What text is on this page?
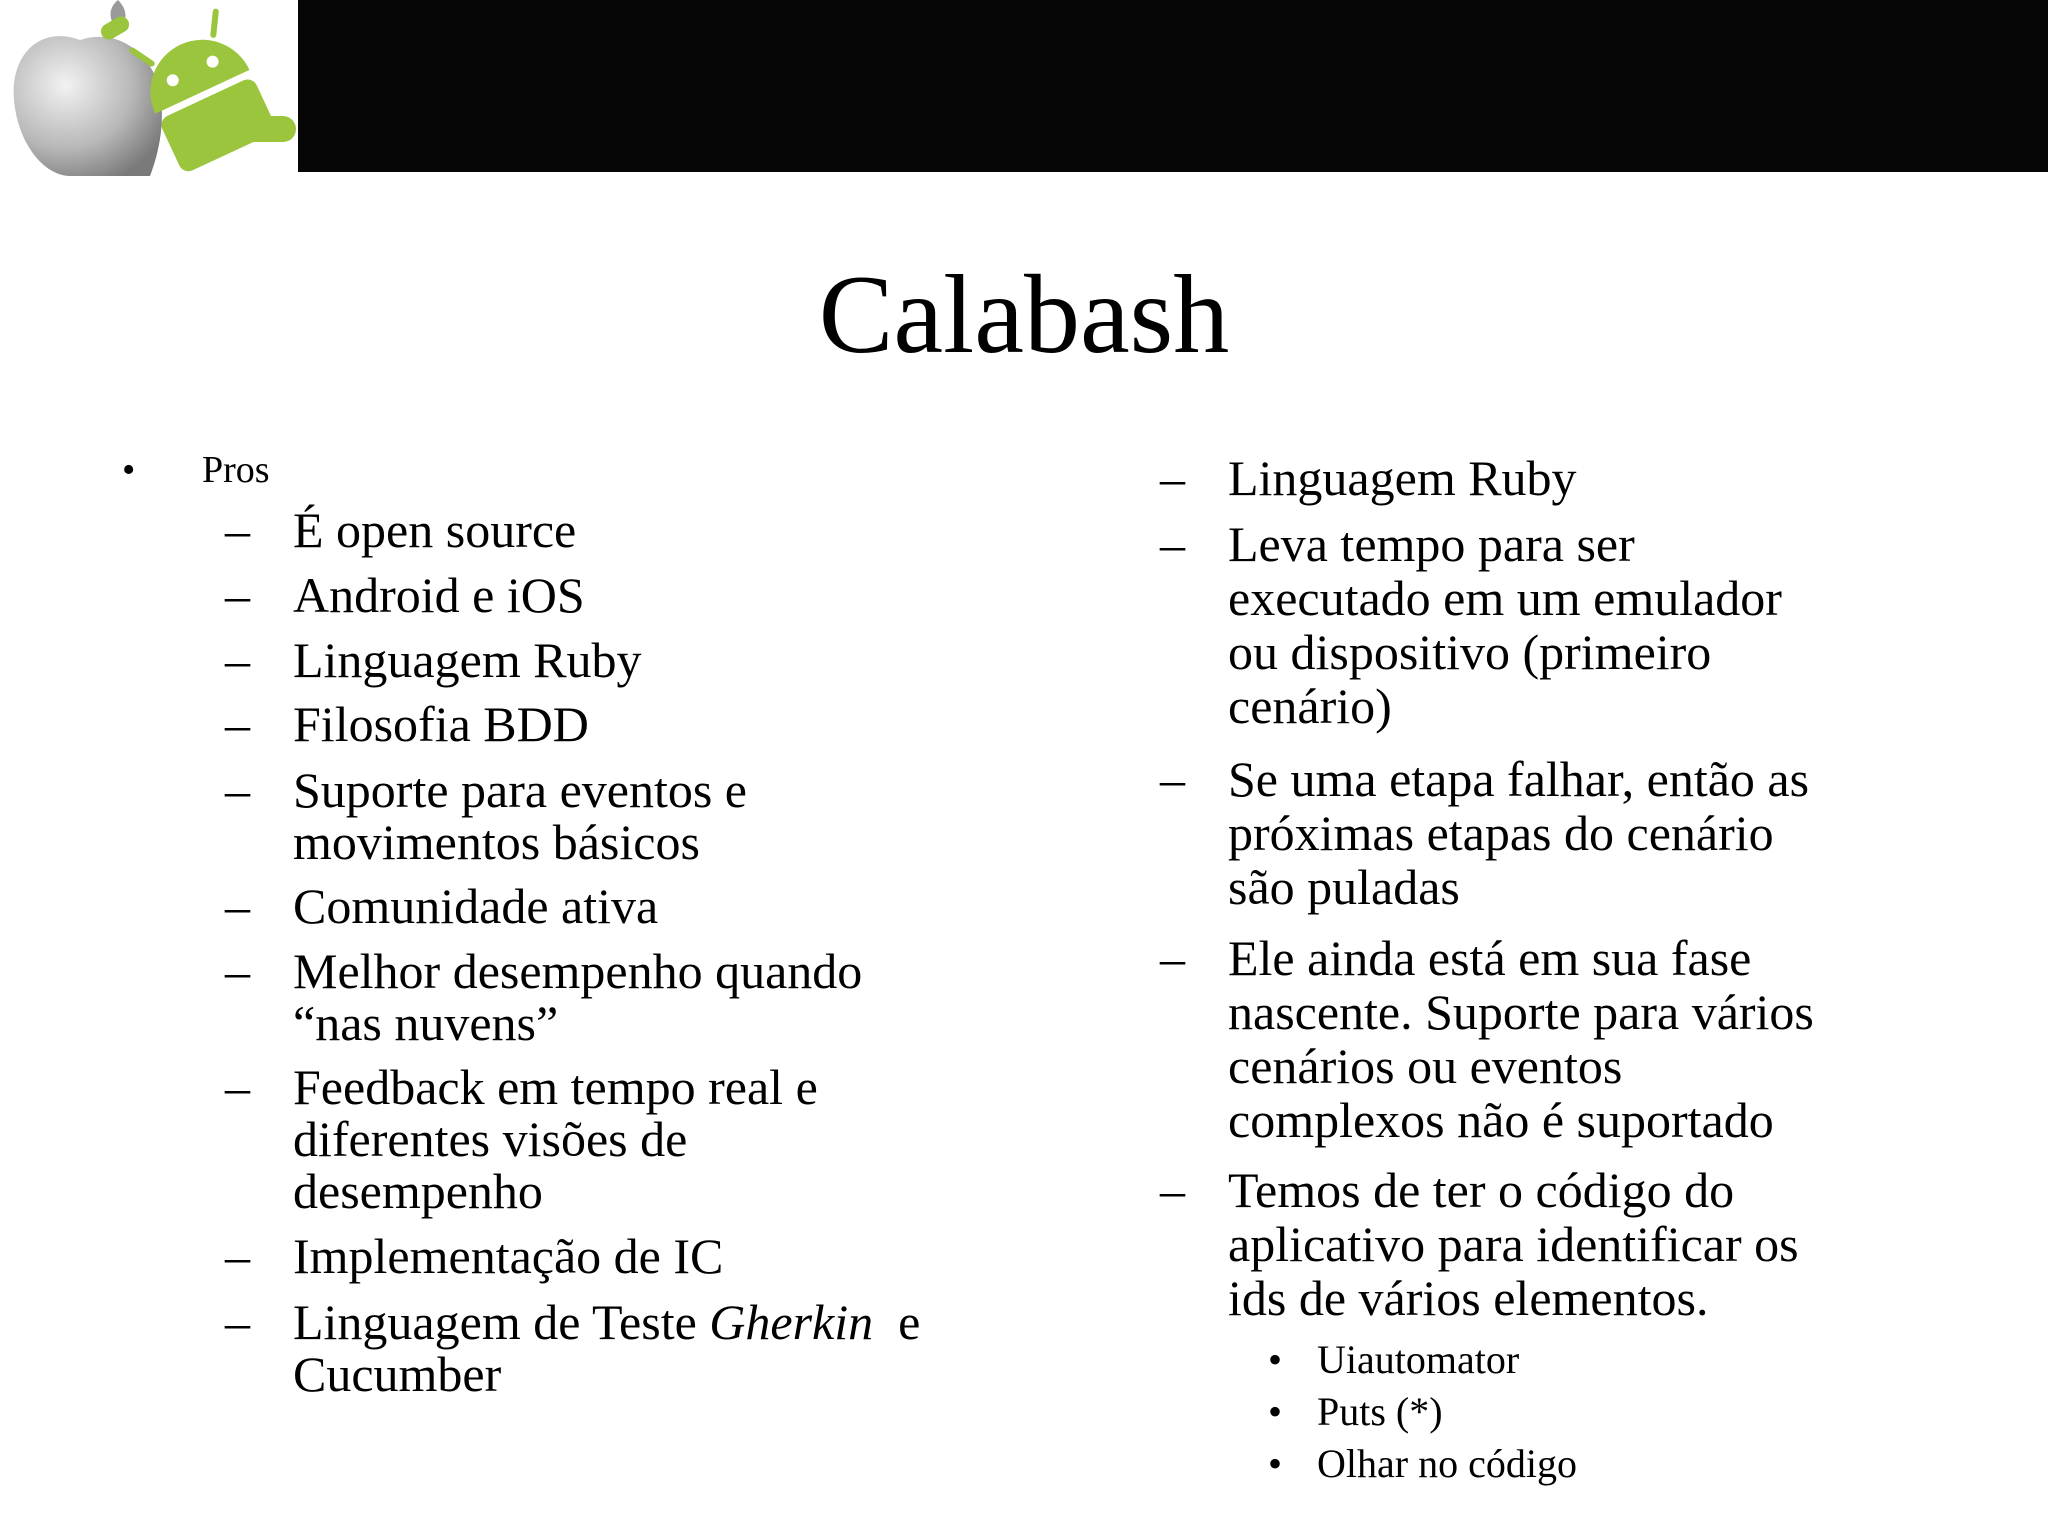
Calabash
• Pros
– É open source
– Android e iOS
– Linguagem Ruby
– Filosofia BDD
– Suporte para eventos e
movimentos básicos
– Comunidade ativa
– Melhor desempenho quando
“nas nuvens”
– Feedback em tempo real e
diferentes visões de
desempenho
– Implementação de IC
– Linguagem de Teste Gherkin  e
Cucumber
– Linguagem Ruby
– Leva tempo para ser
executado em um emulador
ou dispositivo (primeiro
cenário)
– Se uma etapa falhar, então as
próximas etapas do cenário
são puladas
– Ele ainda está em sua fase
nascente. Suporte para vários
cenários ou eventos
complexos não é suportado
– Temos de ter o código do
aplicativo para identificar os
ids de vários elementos.
• Uiautomator
• Puts (*)
• Olhar no código
